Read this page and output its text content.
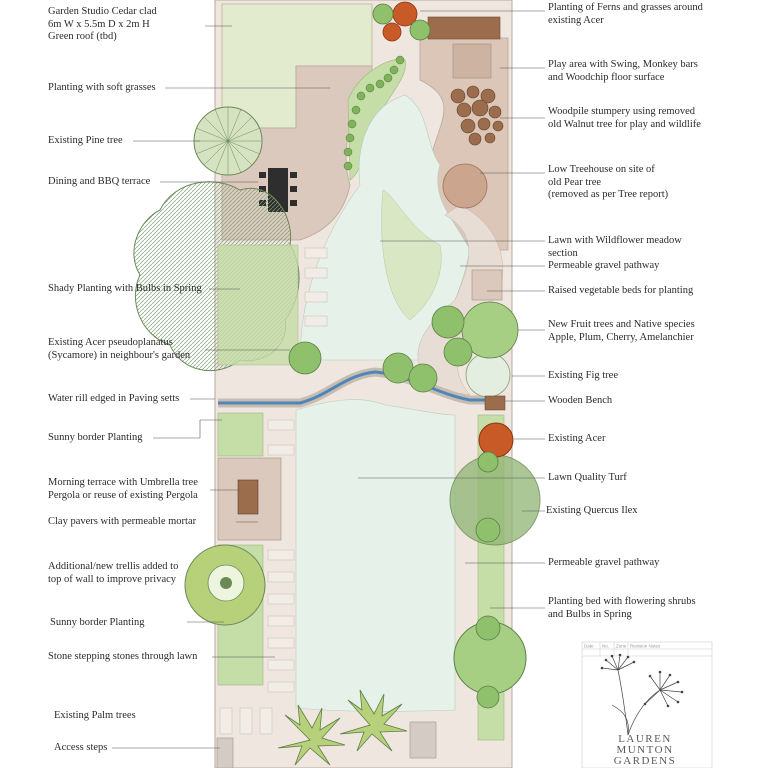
Date No. Zone Revision Notes
Garden Studio Cedar clad
6m W x 5.5m D x 2m H
Green roof (tbd)
Planting with soft grasses
Existing Pine tree
Dining and BBQ terrace
Shady Planting with Bulbs in Spring
Existing Acer pseudoplanatus
(Sycamore) in neighbour's garden
Water rill edged in Paving setts
Sunny border Planting
Morning terrace with Umbrella tree
Pergola or reuse of existing Pergola
Clay pavers with permeable mortar
Additional/new trellis added to
top of wall to improve privacy
Sunny border Planting
Stone stepping stones through lawn
Existing Palm trees
Access steps
Planting of Ferns and grasses around
existing Acer
Play area with Swing, Monkey bars
and Woodchip floor surface
Woodpile stumpery using removed
old Walnut tree for play and wildlife
Low Treehouse on site of
old Pear tree
(removed as per Tree report)
Lawn with Wildflower meadow
section
Permeable gravel pathway
Raised vegetable beds for planting
New Fruit trees and Native species
Apple, Plum, Cherry, Amelanchier
Existing Fig tree
Wooden Bench
Existing Acer
Lawn Quality Turf
Existing Quercus Ilex
Permeable gravel pathway
Planting bed with flowering shrubs
and Bulbs in Spring
LAUREN
MUNTON
GARDENS
